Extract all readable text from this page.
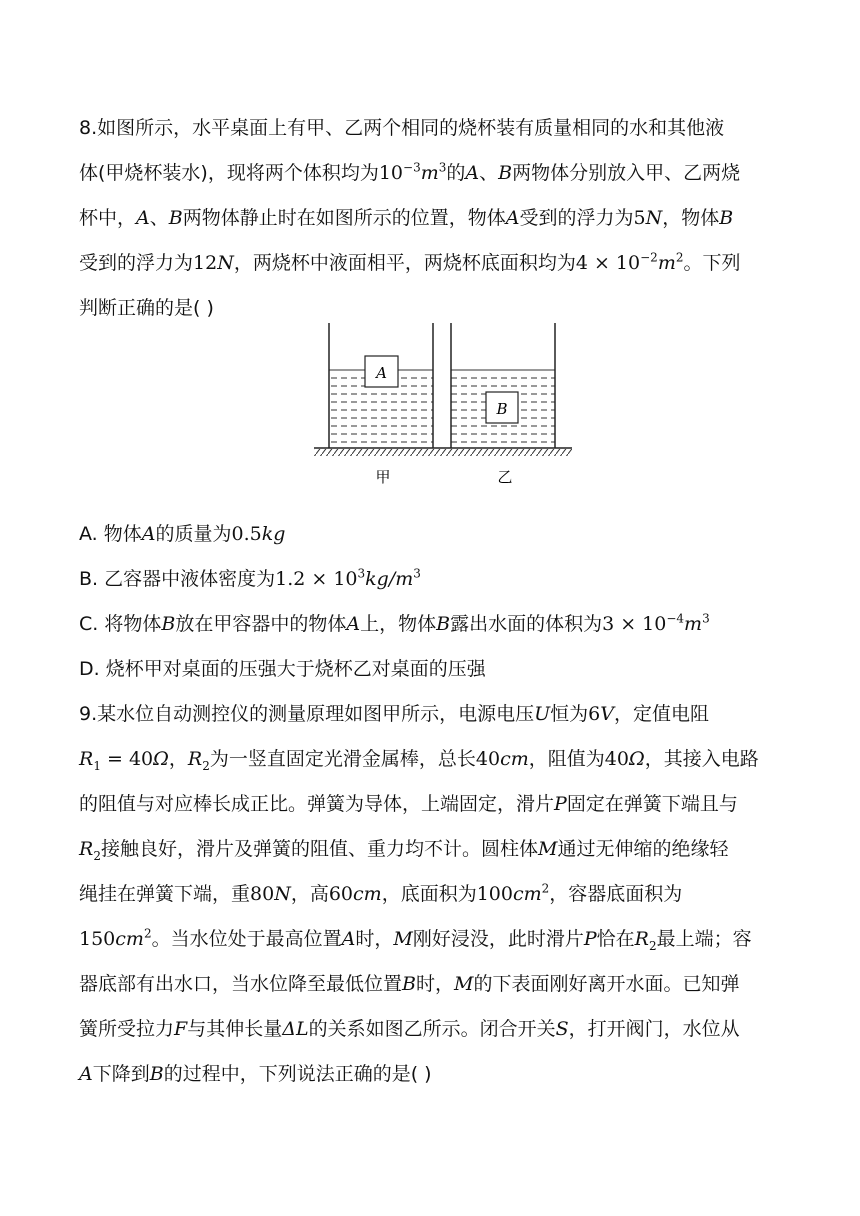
8.如图所示，水平桌面上有甲、乙两个相同的烧杯装有质量相同的水和其他液
体(甲烧杯装水)，现将两个体积均为$10^{-3}m^3$的A、B两物体分别放入甲、乙两烧
杯中，A、B两物体静止时在如图所示的位置，物体A受到的浮力为5N，物体B
受到的浮力为12N，两烧杯中液面相平，两烧杯底面积均为$4 \times 10^{-2}m^2$。下列
判断正确的是( )
A
B
甲	乙
A. 物体A的质量为0.5kg
B. 乙容器中液体密度为$1.2 \times 10^3kg/m^3$
C. 将物体B放在甲容器中的物体A上，物体B露出水面的体积为$3 \times 10^{-4}m^3$
D. 烧杯甲对桌面的压强大于烧杯乙对桌面的压强
9.某水位自动测控仪的测量原理如图甲所示，电源电压U恒为6V，定值电阻
$R_1 = 40\Omega$，$R_2$为一竖直固定光滑金属棒，总长40cm，阻值为40Ω，其接入电路
的阻值与对应棒长成正比。弹簧为导体，上端固定，滑片P固定在弹簧下端且与
$R_2$接触良好，滑片及弹簧的阻值、重力均不计。圆柱体M通过无伸缩的绝缘轻
绳挂在弹簧下端，重80N，高60cm，底面积为$100cm^2$，容器底面积为
$150cm^2$。当水位处于最高位置A时，M刚好浸没，此时滑片P恰在$R_2$最上端；容
器底部有出水口，当水位降至最低位置B时，M的下表面刚好离开水面。已知弹
簧所受拉力F与其伸长量ΔL的关系如图乙所示。闭合开关S，打开阀门，水位从
A下降到B的过程中，下列说法正确的是( )
